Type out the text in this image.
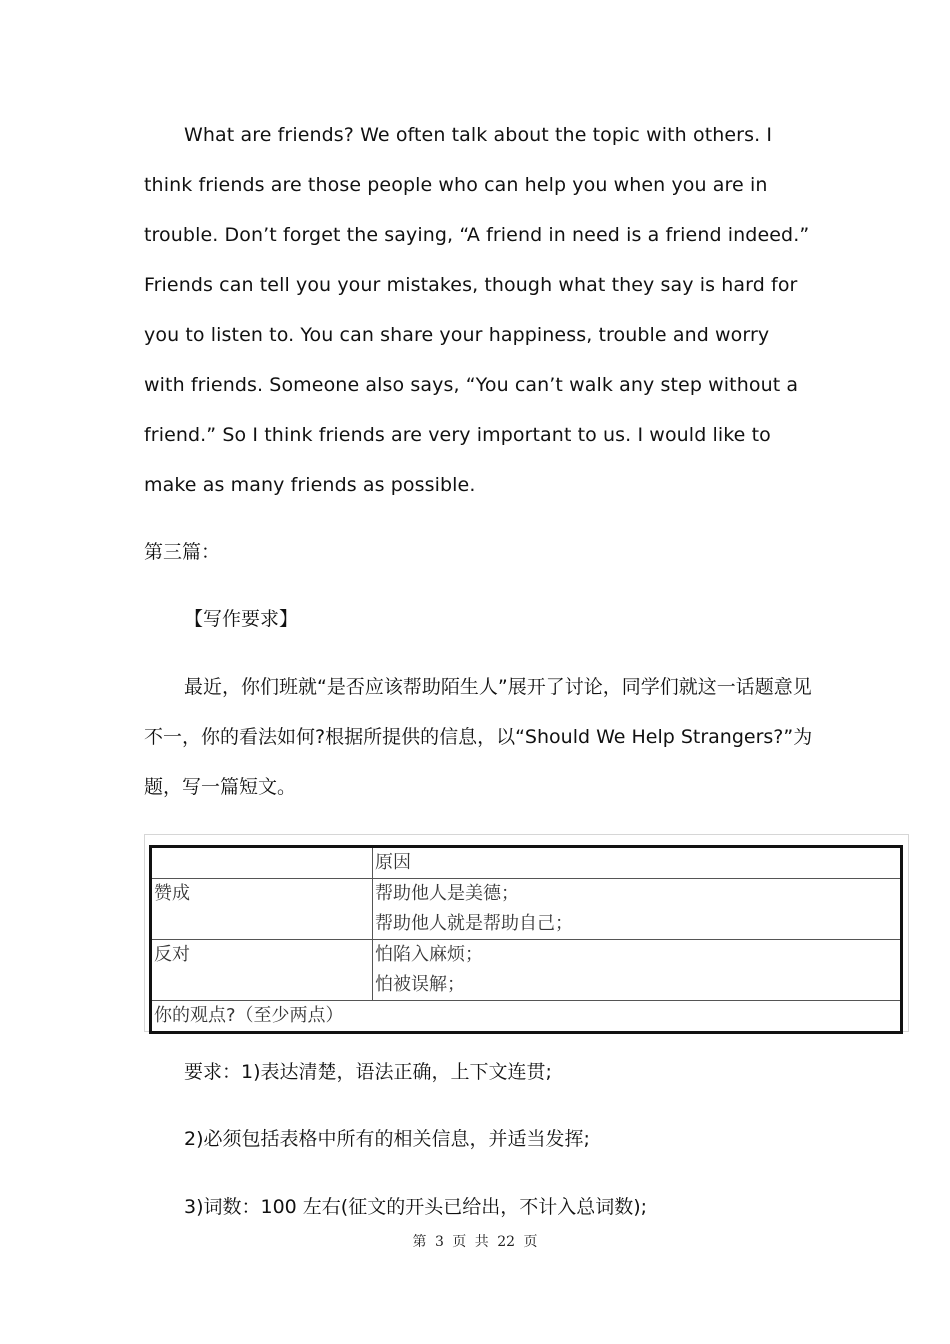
What are friends? We often talk about the topic with others. I think friends are those people who can help you when you are in trouble. Don’t forget the saying, “A friend in need is a friend indeed.” Friends can tell you your mistakes, though what they say is hard for you to listen to. You can share your happiness, trouble and worry with friends. Someone also says, “You can’t walk any step without a friend.” So I think friends are very important to us. I would like to make as many friends as possible.

第三篇：

【写作要求】

最近，你们班就“是否应该帮助陌生人”展开了讨论，同学们就这一话题意见不一，你的看法如何?根据所提供的信息，以“Should We Help Strangers?”为题，写一篇短文。

	原因
赞成	帮助他人是美德；
帮助他人就是帮助自己；

反对	怕陷入麻烦；
怕被误解；

你的观点?（至少两点）	

要求：1)表达清楚，语法正确，上下文连贯;

2)必须包括表格中所有的相关信息，并适当发挥;

3)词数：100 左右(征文的开头已给出，不计入总词数);

第 3 页 共 22 页
